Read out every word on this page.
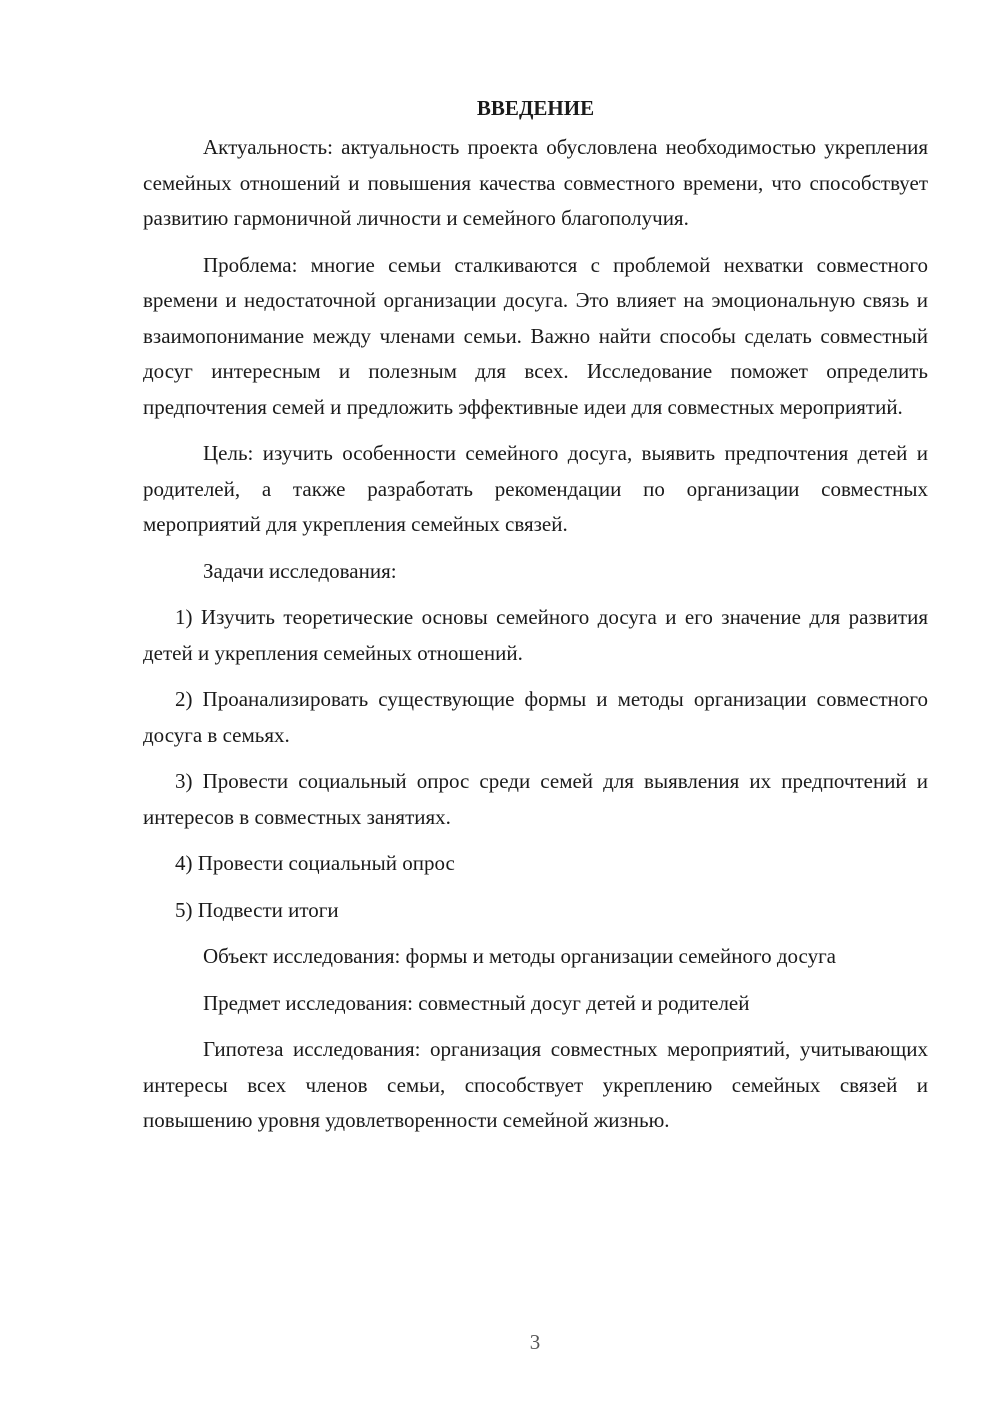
ВВЕДЕНИЕ

Актуальность: актуальность проекта обусловлена необходимостью укрепления семейных отношений и повышения качества совместного времени, что способствует развитию гармоничной личности и семейного благополучия.

Проблема: многие семьи сталкиваются с проблемой нехватки совместного времени и недостаточной организации досуга. Это влияет на эмоциональную связь и взаимопонимание между членами семьи. Важно найти способы сделать совместный досуг интересным и полезным для всех. Исследование поможет определить предпочтения семей и предложить эффективные идеи для совместных мероприятий.

Цель: изучить особенности семейного досуга, выявить предпочтения детей и родителей, а также разработать рекомендации по организации совместных мероприятий для укрепления семейных связей.

Задачи исследования:

1) Изучить теоретические основы семейного досуга и его значение для развития детей и укрепления семейных отношений.

2) Проанализировать существующие формы и методы организации совместного досуга в семьях.

3) Провести социальный опрос среди семей для выявления их предпочтений и интересов в совместных занятиях.

4) Провести социальный опрос

5) Подвести итоги

Объект исследования: формы и методы организации семейного досуга

Предмет исследования: совместный досуг детей и родителей

Гипотеза исследования: организация совместных мероприятий, учитывающих интересы всех членов семьи, способствует укреплению семейных связей и повышению уровня удовлетворенности семейной жизнью.

3
